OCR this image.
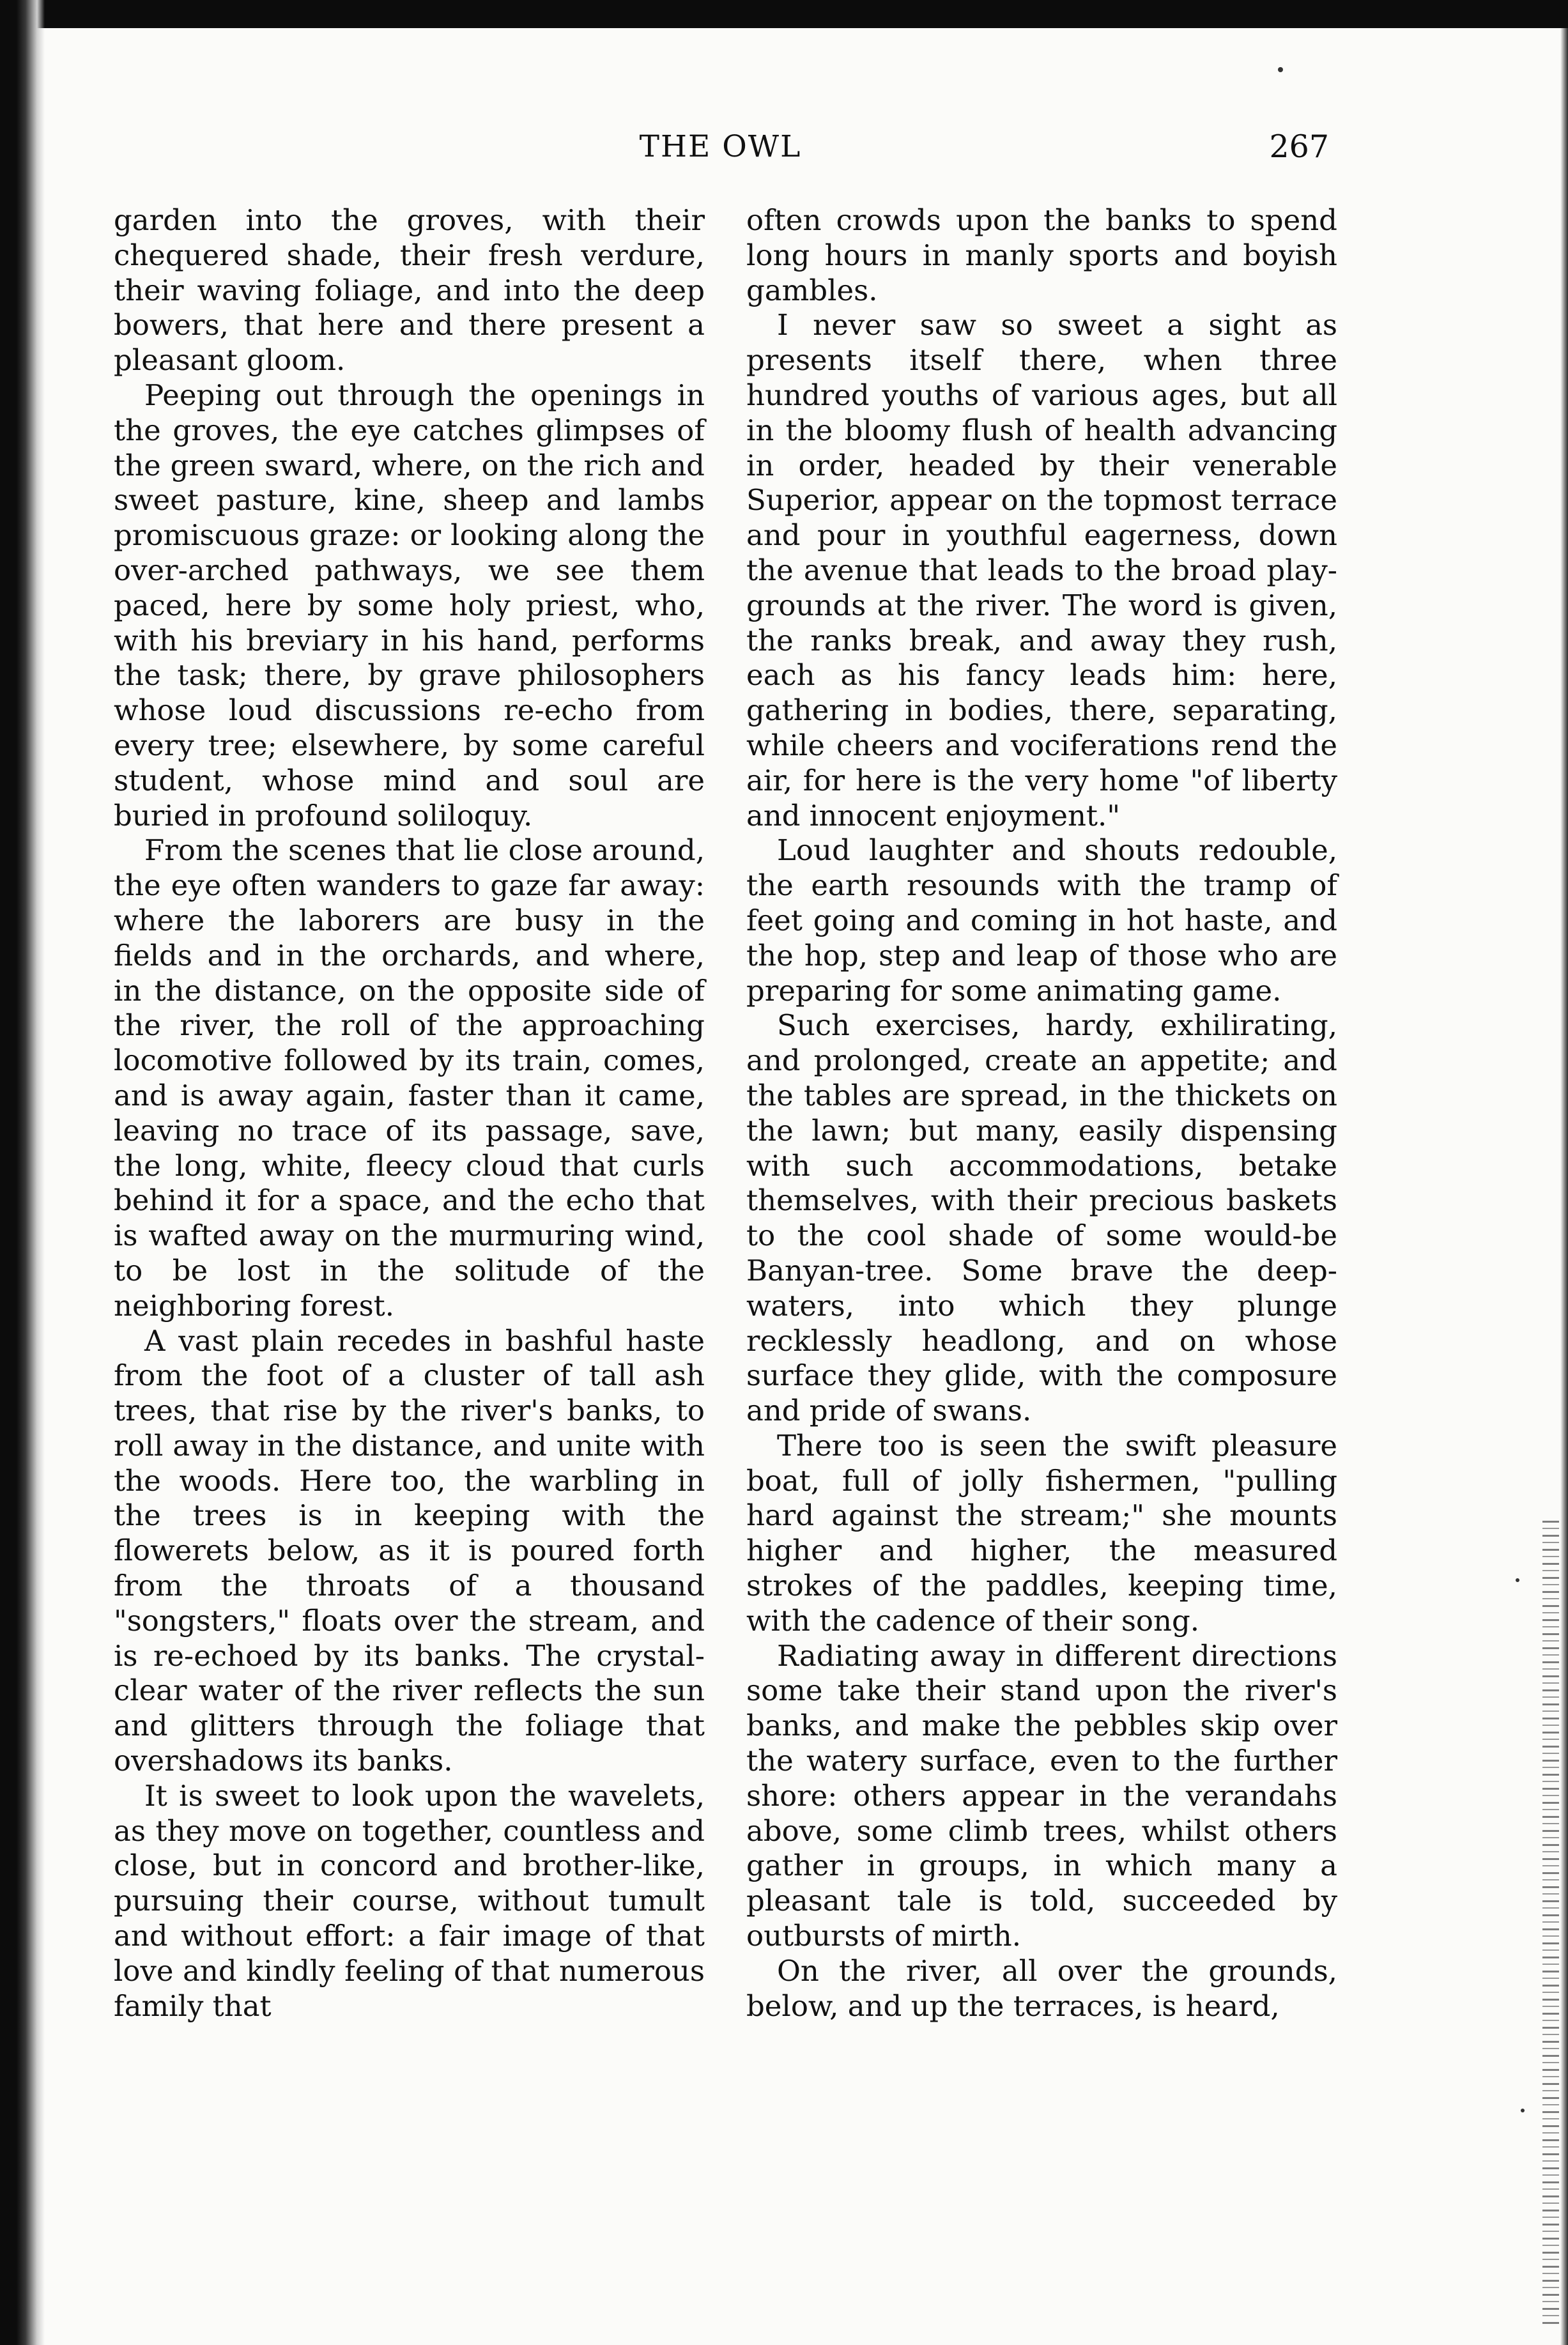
THE OWL	267

garden into the groves, with their chequered shade, their fresh verdure, their waving foliage, and into the deep bowers, that here and there present a pleasant gloom.

Peeping out through the openings in the groves, the eye catches glimpses of the green sward, where, on the rich and sweet pasture, kine, sheep and lambs promiscuous graze: or looking along the over-arched pathways, we see them paced, here by some holy priest, who, with his breviary in his hand, performs the task; there, by grave philosophers whose loud discussions re-echo from every tree; elsewhere, by some careful student, whose mind and soul are buried in profound soliloquy.

From the scenes that lie close around, the eye often wanders to gaze far away: where the laborers are busy in the fields and in the orchards, and where, in the distance, on the opposite side of the river, the roll of the approaching locomotive followed by its train, comes, and is away again, faster than it came, leaving no trace of its passage, save, the long, white, fleecy cloud that curls behind it for a space, and the echo that is wafted away on the murmuring wind, to be lost in the solitude of the neighboring forest.

A vast plain recedes in bashful haste from the foot of a cluster of tall ash trees, that rise by the river's banks, to roll away in the distance, and unite with the woods. Here too, the warbling in the trees is in keeping with the flowerets below, as it is poured forth from the throats of a thousand "songsters," floats over the stream, and is re-echoed by its banks. The crystal-clear water of the river reflects the sun and glitters through the foliage that overshadows its banks.

It is sweet to look upon the wavelets, as they move on together, countless and close, but in concord and brother-like, pursuing their course, without tumult and without effort: a fair image of that love and kindly feeling of that numerous family that

often crowds upon the banks to spend long hours in manly sports and boyish gambles.

I never saw so sweet a sight as presents itself there, when three hundred youths of various ages, but all in the bloomy flush of health advancing in order, headed by their venerable Superior, appear on the topmost terrace and pour in youthful eagerness, down the avenue that leads to the broad play-grounds at the river. The word is given, the ranks break, and away they rush, each as his fancy leads him: here, gathering in bodies, there, separating, while cheers and vociferations rend the air, for here is the very home "of liberty and innocent enjoyment."

Loud laughter and shouts redouble, the earth resounds with the tramp of feet going and coming in hot haste, and the hop, step and leap of those who are preparing for some animating game.

Such exercises, hardy, exhilirating, and prolonged, create an appetite; and the tables are spread, in the thickets on the lawn; but many, easily dispensing with such accommodations, betake themselves, with their precious baskets to the cool shade of some would-be Banyan-tree. Some brave the deep-waters, into which they plunge recklessly headlong, and on whose surface they glide, with the composure and pride of swans.

There too is seen the swift pleasure boat, full of jolly fishermen, "pulling hard against the stream;" she mounts higher and higher, the measured strokes of the paddles, keeping time, with the cadence of their song.

Radiating away in different directions some take their stand upon the river's banks, and make the pebbles skip over the watery surface, even to the further shore: others appear in the verandahs above, some climb trees, whilst others gather in groups, in which many a pleasant tale is told, succeeded by outbursts of mirth.

On the river, all over the grounds, below, and up the terraces, is heard,
